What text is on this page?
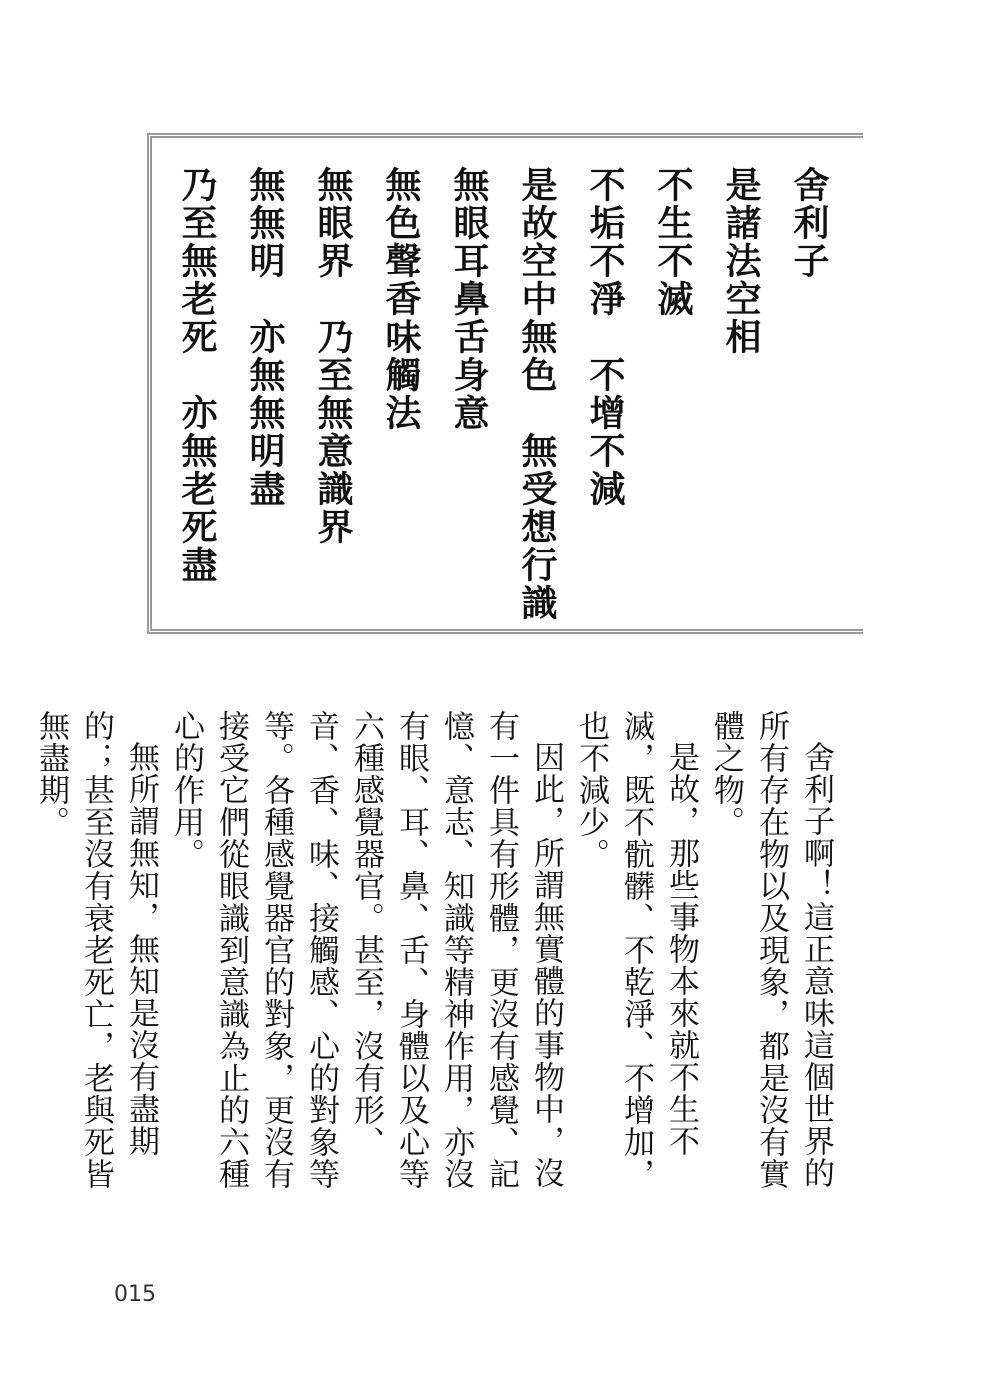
舍利子
是諸法空相
不生不滅
不垢不淨　不增不減
是故空中無色　無受想行識
無眼耳鼻舌身意
無色聲香味觸法
無眼界　乃至無意識界
無無明　亦無無明盡
乃至無老死　亦無老死盡

舍利子啊！這正意味這個世界的所有存在物以及現象，都是沒有實體之物。

是故，那些事物本來就不生不滅，既不骯髒、不乾淨、不增加，也不減少。

因此，所謂無實體的事物中，沒有一件具有形體，更沒有感覺、記憶、意志、知識等精神作用，亦沒有眼、耳、鼻、舌、身體以及心等六種感覺器官。甚至，沒有形、音、香、味、接觸感、心的對象等等。各種感覺器官的對象，更沒有接受它們從眼識到意識為止的六種心的作用。

無所謂無知，無知是沒有盡期的；甚至沒有衰老死亡，老與死皆無盡期。

015
